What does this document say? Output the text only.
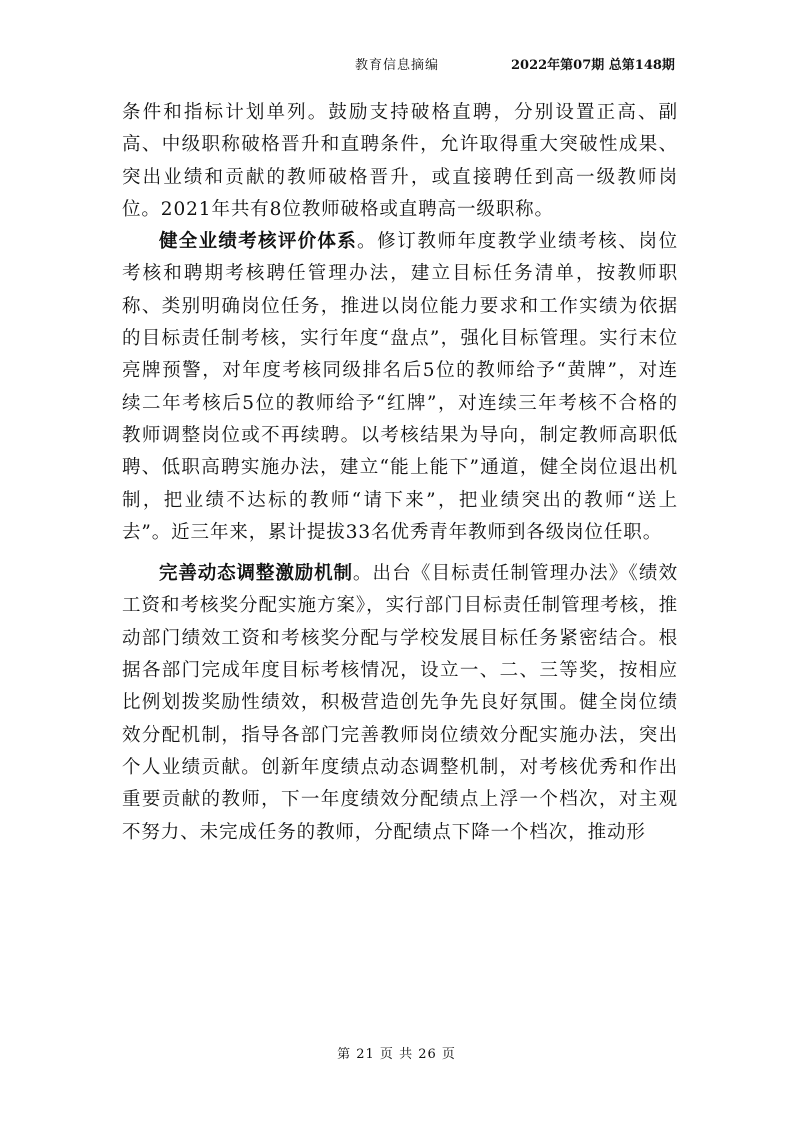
教育信息摘编	2022年第07期 总第148期

条件和指标计划单列。鼓励支持破格直聘，分别设置正高、副高、中级职称破格晋升和直聘条件，允许取得重大突破性成果、突出业绩和贡献的教师破格晋升，或直接聘任到高一级教师岗位。2021年共有8位教师破格或直聘高一级职称。

健全业绩考核评价体系。修订教师年度教学业绩考核、岗位考核和聘期考核聘任管理办法，建立目标任务清单，按教师职称、类别明确岗位任务，推进以岗位能力要求和工作实绩为依据的目标责任制考核，实行年度“盘点”，强化目标管理。实行末位亮牌预警，对年度考核同级排名后5位的教师给予“黄牌”，对连续二年考核后5位的教师给予“红牌”，对连续三年考核不合格的教师调整岗位或不再续聘。以考核结果为导向，制定教师高职低聘、低职高聘实施办法，建立“能上能下”通道，健全岗位退出机制，把业绩不达标的教师“请下来”，把业绩突出的教师“送上去”。近三年来，累计提拔33名优秀青年教师到各级岗位任职。

完善动态调整激励机制。出台《目标责任制管理办法》《绩效工资和考核奖分配实施方案》，实行部门目标责任制管理考核，推动部门绩效工资和考核奖分配与学校发展目标任务紧密结合。根据各部门完成年度目标考核情况，设立一、二、三等奖，按相应比例划拨奖励性绩效，积极营造创先争先良好氛围。健全岗位绩效分配机制，指导各部门完善教师岗位绩效分配实施办法，突出个人业绩贡献。创新年度绩点动态调整机制，对考核优秀和作出重要贡献的教师，下一年度绩效分配绩点上浮一个档次，对主观不努力、未完成任务的教师，分配绩点下降一个档次，推动形

第 21 页 共 26 页
